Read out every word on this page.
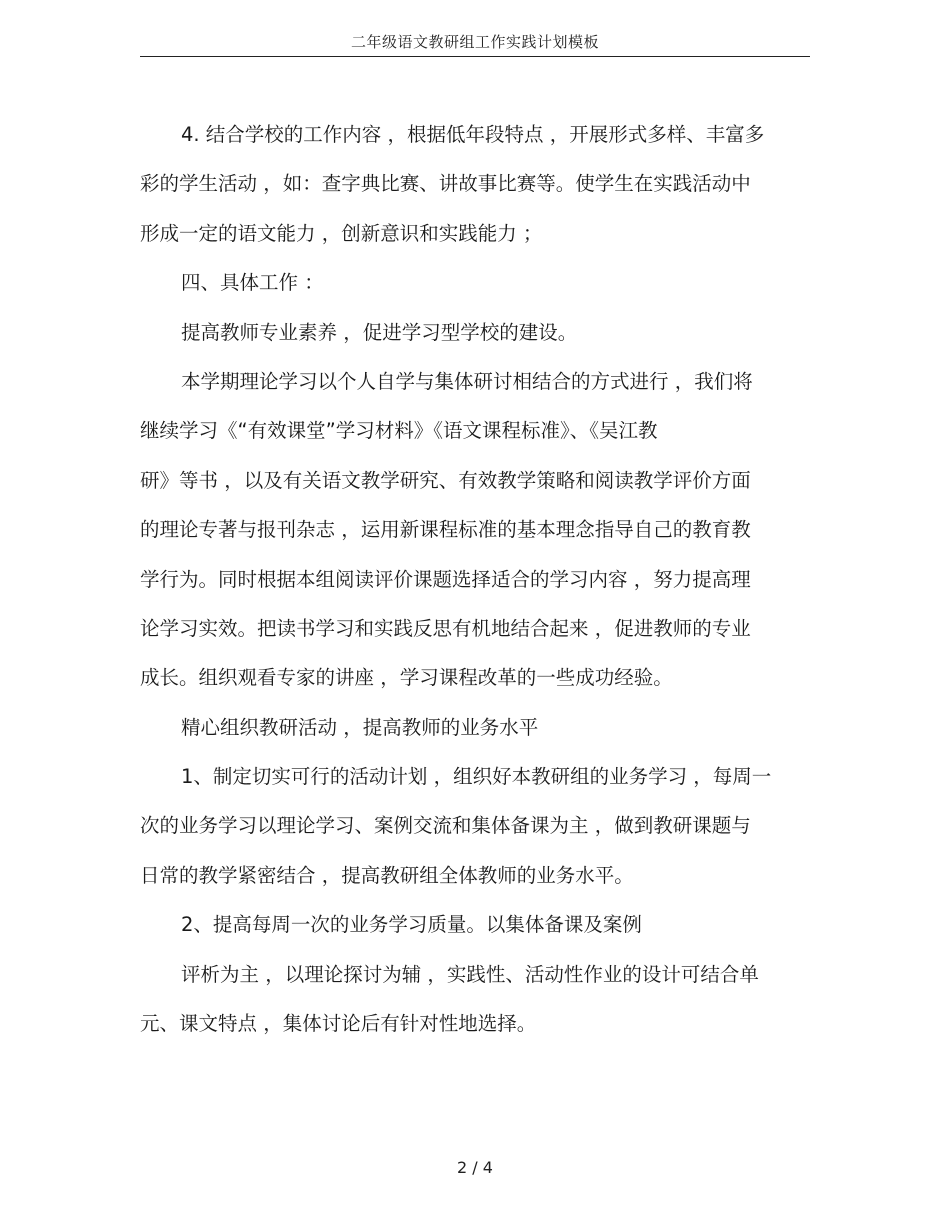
二年级语文教研组工作实践计划模板
4. 结合学校的工作内容 ，根据低年段特点 ，开展形式多样、丰富多
彩的学生活动 ，如：查字典比赛、讲故事比赛等。使学生在实践活动中
形成一定的语文能力 ，创新意识和实践能力 ；
四、具体工作 ：
提高教师专业素养 ，促进学习型学校的建设。
本学期理论学习以个人自学与集体研讨相结合的方式进行 ，我们将
继续学习《“有效课堂”学习材料》《语文课程标准》、《吴江教
研》等书 ，以及有关语文教学研究、有效教学策略和阅读教学评价方面
的理论专著与报刊杂志 ，运用新课程标准的基本理念指导自己的教育教
学行为。同时根据本组阅读评价课题选择适合的学习内容 ，努力提高理
论学习实效。把读书学习和实践反思有机地结合起来 ，促进教师的专业
成长。组织观看专家的讲座 ，学习课程改革的一些成功经验。
精心组织教研活动 ，提高教师的业务水平
1、制定切实可行的活动计划 ，组织好本教研组的业务学习 ，每周一
次的业务学习以理论学习、案例交流和集体备课为主 ，做到教研课题与
日常的教学紧密结合 ，提高教研组全体教师的业务水平。
2、提高每周一次的业务学习质量。以集体备课及案例
评析为主 ，以理论探讨为辅 ，实践性、活动性作业的设计可结合单
元、课文特点 ，集体讨论后有针对性地选择。
2 / 4
